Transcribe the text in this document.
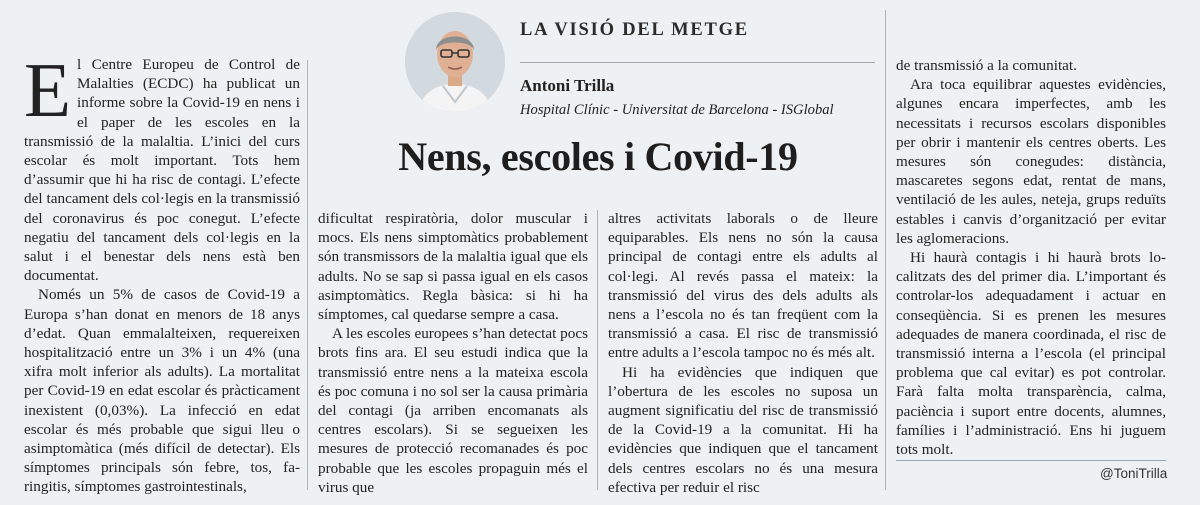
LA VISIÓ DEL METGE
Antoni Trilla
Hospital Clínic - Universitat de Barcelona - ISGlobal
Nens, escoles i Covid-19
E l Centre Europeu de Control de Malalties (ECDC) ha publicat un informe sobre la Covid-19 en nens i el paper de les escoles en la transmissió de la malaltia. L’inici del curs escolar és molt important. Tots hem d’assumir que hi ha risc de contagi. L’efecte del tancament dels col·legis en la transmissió del coronavirus és poc conegut. L’efecte negatiu del tancament dels col·legis en la salut i el benestar dels nens està ben documentat.

Només un 5% de casos de Covid-19 a Europa s’han donat en menors de 18 anys d’edat. Quan emmalalteixen, requereixen hospitalització entre un 3% i un 4% (una xifra molt inferior als adults). La mortalitat per Covid-19 en edat escolar és pràcticament inexistent (0,03%). La infecció en edat escolar és més probable que sigui lleu o asimptomàtica (més difícil de detectar). Els símptomes principals són febre, tos, faringitis, símptomes gastrointestinals,

dificultat respiratòria, dolor muscular i mocs. Els nens simptomàtics probablement són transmissors de la malaltia igual que els adults. No se sap si passa igual en els casos asimptomàtics. Regla bàsica: si hi ha símptomes, cal quedarse sempre a casa.

A les escoles europees s’han detectat pocs brots fins ara. El seu estudi indica que la transmissió entre nens a la mateixa escola és poc comuna i no sol ser la causa primària del contagi (ja arriben encomanats als centres escolars). Si se segueixen les mesures de protecció recomanades és poc probable que les escoles propaguin més el virus que

altres activitats laborals o de lleure equiparables. Els nens no són la causa principal de contagi entre els adults al col·legi. Al revés passa el mateix: la transmissió del virus des dels adults als nens a l’escola no és tan freqüent com la transmissió a casa. El risc de transmissió entre adults a l’escola tampoc no és més alt.

Hi ha evidències que indiquen que l’obertura de les escoles no suposa un augment significatiu del risc de transmissió de la Covid-19 a la comunitat. Hi ha evidències que indiquen que el tancament dels centres escolars no és una mesura efectiva per reduir el risc

de transmissió a la comunitat.

Ara toca equilibrar aquestes evidències, algunes encara imperfectes, amb les necessitats i recursos escolars disponibles per obrir i mantenir els centres oberts. Les mesures són conegudes: distància, mascaretes segons edat, rentat de mans, ventilació de les aules, neteja, grups reduïts estables i canvis d’organització per evitar les aglomeracions.

Hi haurà contagis i hi haurà brots localitzats des del primer dia. L’important és controlar-los adequadament i actuar en conseqüència. Si es prenen les mesures adequades de manera coordinada, el risc de transmissió interna a l’escola (el principal problema que cal evitar) es pot controlar. Farà falta molta transparència, calma, paciència i suport entre docents, alumnes, famílies i l’administració. Ens hi juguem tots molt.

@ToniTrilla
